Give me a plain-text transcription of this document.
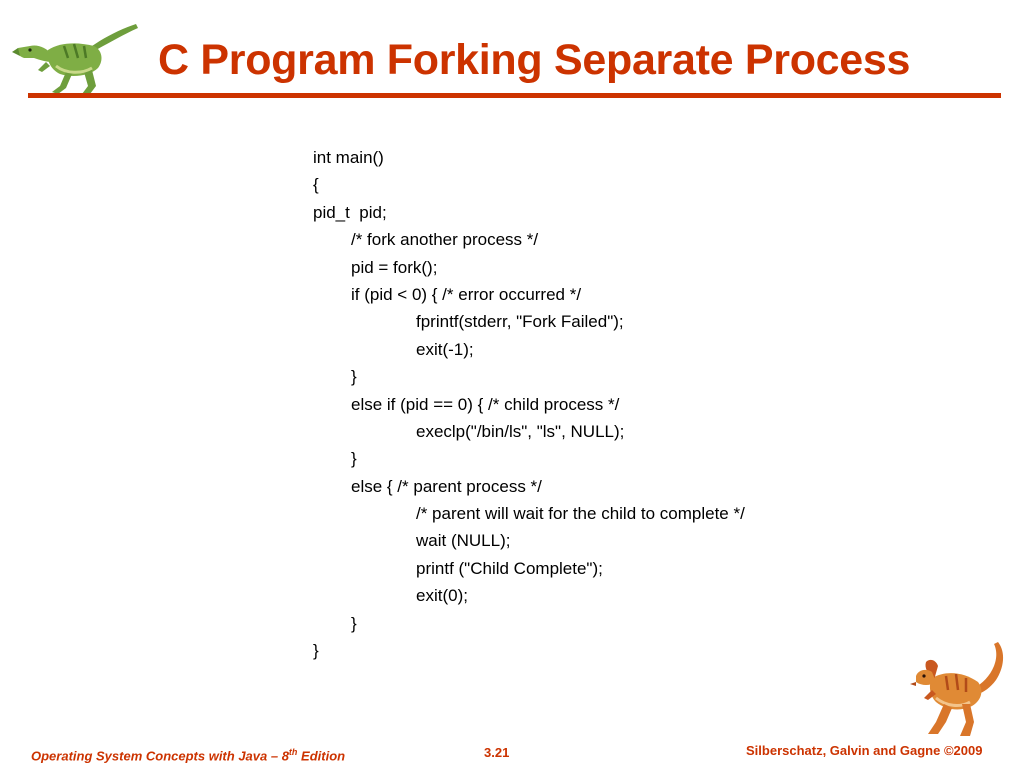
C Program Forking Separate Process
int main()
{
pid_t  pid;
/* fork another process */
pid = fork();
if (pid < 0) { /* error occurred */
fprintf(stderr, "Fork Failed");
exit(-1);
}
else if (pid == 0) { /* child process */
execlp("/bin/ls", "ls", NULL);
}
else { /* parent process */
/* parent will wait for the child to complete */
wait (NULL);
printf ("Child Complete");
exit(0);
}
}
Operating System Concepts with Java – 8th Edition	3.21	Silberschatz, Galvin and Gagne ©2009
